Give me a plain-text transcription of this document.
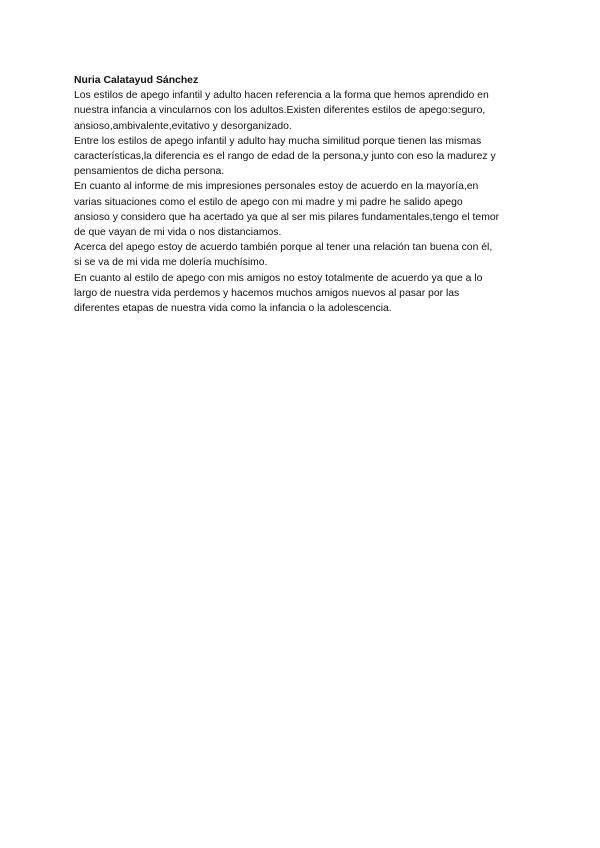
Nuria Calatayud Sánchez

Los estilos de apego infantil y adulto hacen referencia a la forma que hemos aprendido en
nuestra infancia a vincularnos con los adultos.Existen diferentes estilos de apego:seguro,
ansioso,ambivalente,evitativo y desorganizado.

Entre los estilos de apego infantil y adulto hay mucha similitud porque tienen las mismas
características,la diferencia es el rango de edad de la persona,y junto con eso la madurez y
pensamientos de dicha persona.

En cuanto al informe de mis impresiones personales estoy de acuerdo en la mayoría,en
varias situaciones como el estilo de apego con mi madre y mi padre he salido apego
ansioso y considero que ha acertado ya que al ser mis pilares fundamentales,tengo el temor
de que vayan de mi vida o nos distanciamos.

Acerca del apego estoy de acuerdo también porque al tener una relación tan buena con él,
si se va de mi vida me dolería muchísimo.

En cuanto al estilo de apego con mis amigos no estoy totalmente de acuerdo ya que a lo
largo de nuestra vida perdemos y hacemos muchos amigos nuevos al pasar por las
diferentes etapas de nuestra vida como la infancia o la adolescencia.
